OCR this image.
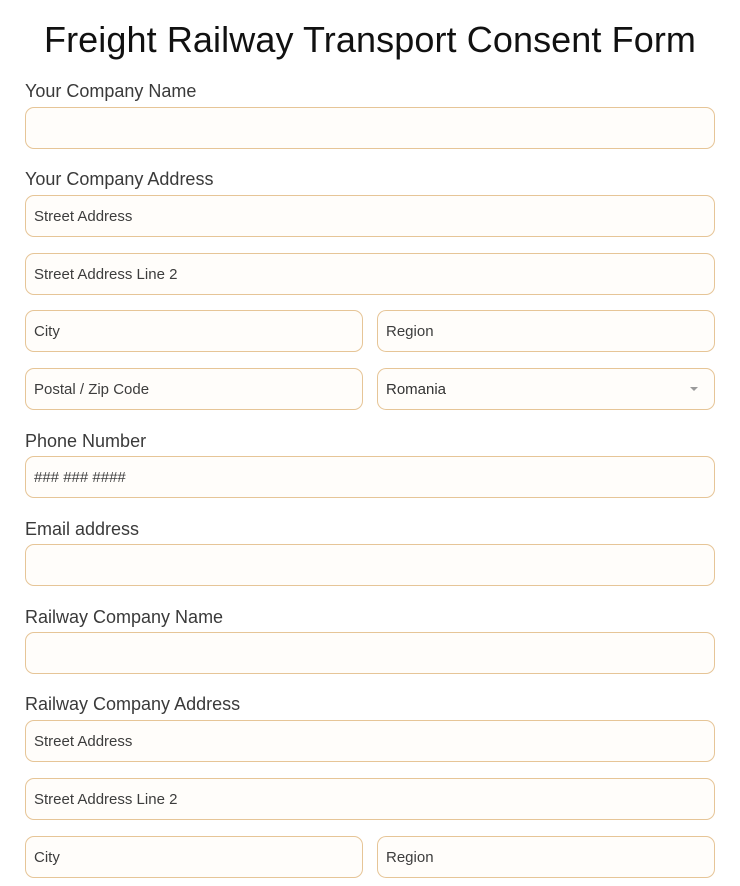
Freight Railway Transport Consent Form
Your Company Name
Your Company Address
Street Address
Street Address Line 2
City
Region
Postal / Zip Code
Romania
Phone Number
### ### ####
Email address
Railway Company Name
Railway Company Address
Street Address
Street Address Line 2
City
Region
